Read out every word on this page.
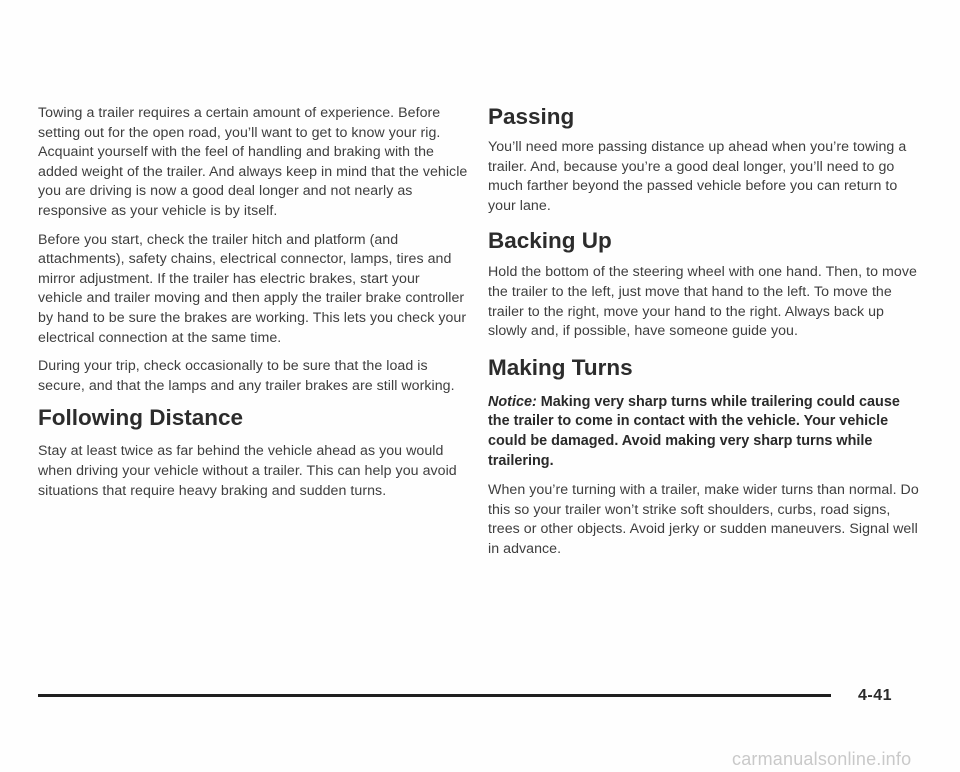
Towing a trailer requires a certain amount of experience. Before setting out for the open road, you’ll want to get to know your rig. Acquaint yourself with the feel of handling and braking with the added weight of the trailer. And always keep in mind that the vehicle you are driving is now a good deal longer and not nearly as responsive as your vehicle is by itself.

Before you start, check the trailer hitch and platform (and attachments), safety chains, electrical connector, lamps, tires and mirror adjustment. If the trailer has electric brakes, start your vehicle and trailer moving and then apply the trailer brake controller by hand to be sure the brakes are working. This lets you check your electrical connection at the same time.

During your trip, check occasionally to be sure that the load is secure, and that the lamps and any trailer brakes are still working.

Following Distance

Stay at least twice as far behind the vehicle ahead as you would when driving your vehicle without a trailer. This can help you avoid situations that require heavy braking and sudden turns.

Passing

You’ll need more passing distance up ahead when you’re towing a trailer. And, because you’re a good deal longer, you’ll need to go much farther beyond the passed vehicle before you can return to your lane.

Backing Up

Hold the bottom of the steering wheel with one hand. Then, to move the trailer to the left, just move that hand to the left. To move the trailer to the right, move your hand to the right. Always back up slowly and, if possible, have someone guide you.

Making Turns

Notice: Making very sharp turns while trailering could cause the trailer to come in contact with the vehicle. Your vehicle could be damaged. Avoid making very sharp turns while trailering.

When you’re turning with a trailer, make wider turns than normal. Do this so your trailer won’t strike soft shoulders, curbs, road signs, trees or other objects. Avoid jerky or sudden maneuvers. Signal well in advance.

4-41
carmanualsonline.info
